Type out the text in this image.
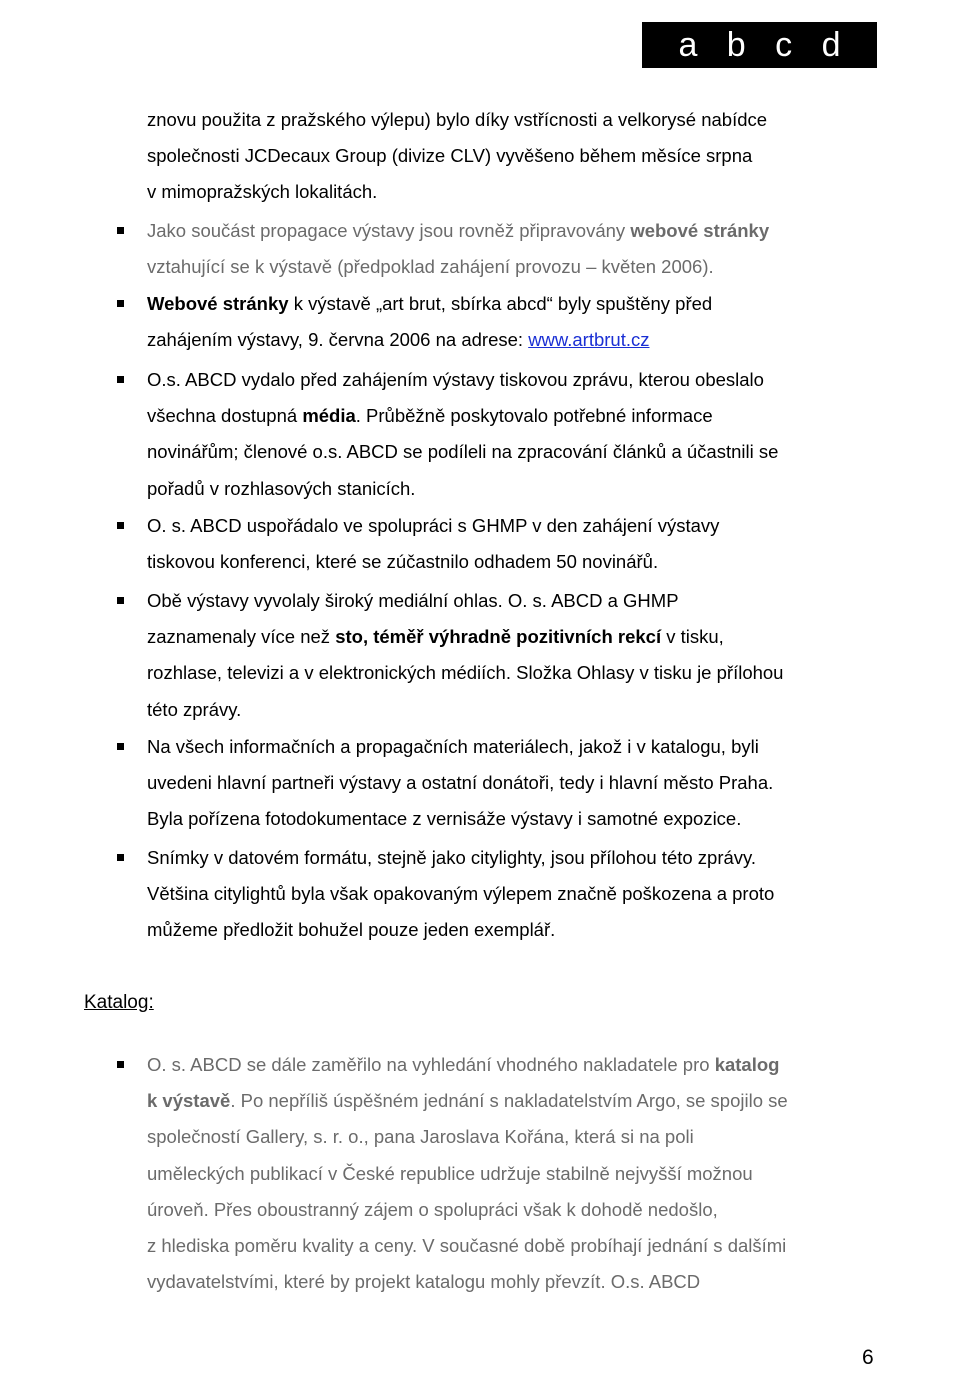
a b c d

znovu použita z pražského výlepu) bylo díky vstřícnosti a velkorysé nabídce
společnosti JCDecaux Group (divize CLV) vyvěšeno během měsíce srpna
v mimopražských lokalitách.

Jako součást propagace výstavy jsou rovněž připravovány webové stránky
vztahující se k výstavě (předpoklad zahájení provozu – květen 2006).

Webové stránky k výstavě „art brut, sbírka abcd“ byly spuštěny před
zahájením výstavy, 9. června 2006 na adrese: www.artbrut.cz

O.s. ABCD vydalo před zahájením výstavy tiskovou zprávu, kterou obeslalo
všechna dostupná média. Průběžně poskytovalo potřebné informace
novinářům; členové o.s. ABCD se podíleli na zpracování článků a účastnili se
pořadů v rozhlasových stanicích.

O. s. ABCD uspořádalo ve spolupráci s GHMP v den zahájení výstavy
tiskovou konferenci, které se zúčastnilo odhadem 50 novinářů.

Obě výstavy vyvolaly široký mediální ohlas. O. s. ABCD a GHMP
zaznamenaly více než sto, téměř výhradně pozitivních rekcí v tisku,
rozhlase, televizi a v elektronických médiích. Složka Ohlasy v tisku je přílohou
této zprávy.

Na všech informačních a propagačních materiálech, jakož i v katalogu, byli
uvedeni hlavní partneři výstavy a ostatní donátoři, tedy i hlavní město Praha.
Byla pořízena fotodokumentace z vernisáže výstavy i samotné expozice.

Snímky v datovém formátu, stejně jako citylighty, jsou přílohou této zprávy.
Většina citylightů byla však opakovaným výlepem značně poškozena a proto
můžeme předložit bohužel pouze jeden exemplář.

Katalog:

O. s. ABCD se dále zaměřilo na vyhledání vhodného nakladatele pro katalog
k výstavě. Po nepříliš úspěšném jednání s nakladatelstvím Argo, se spojilo se
společností Gallery, s. r. o., pana Jaroslava Kořána, která si na poli
uměleckých publikací v České republice udržuje stabilně nejvyšší možnou
úroveň. Přes oboustranný zájem o spolupráci však k dohodě nedošlo,
z hlediska poměru kvality a ceny. V současné době probíhají jednání s dalšími
vydavatelstvími, které by projekt katalogu mohly převzít. O.s. ABCD

6
